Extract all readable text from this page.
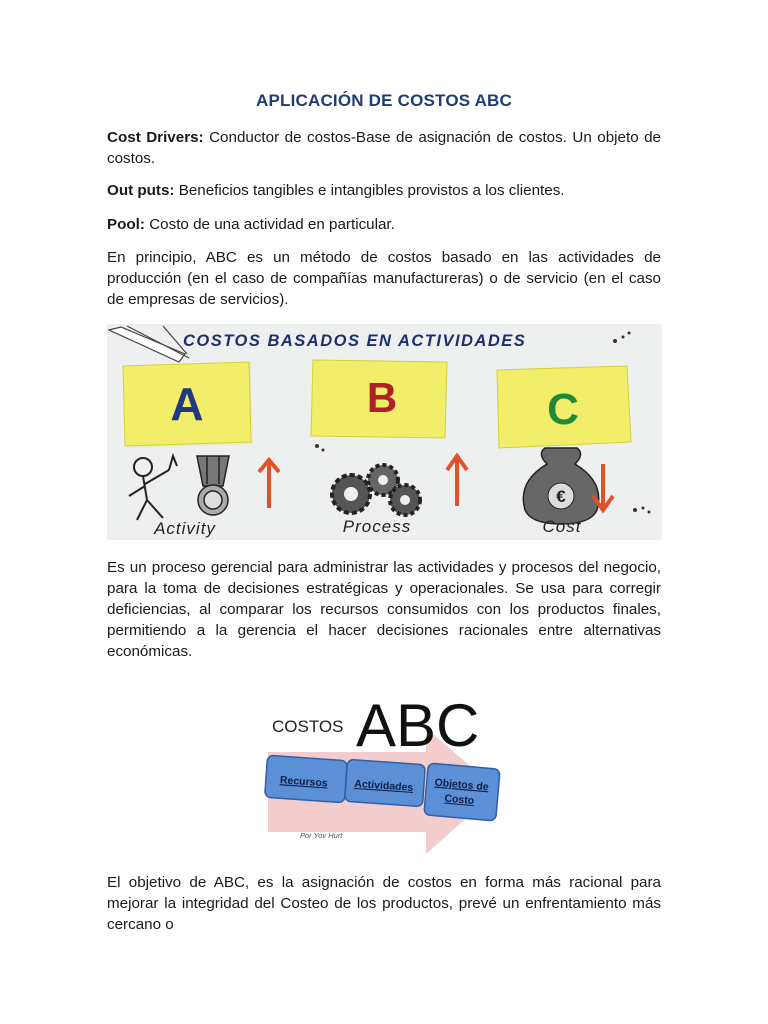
APLICACIÓN DE COSTOS ABC
Cost Drivers: Conductor de costos-Base de asignación de costos. Un objeto de costos.
Out puts: Beneficios tangibles e intangibles provistos a los clientes.
Pool: Costo de una actividad en particular.
En principio, ABC es un método de costos basado en las actividades de producción (en el caso de compañías manufactureras) o de servicio (en el caso de empresas de servicios).
COSTOS BASADOS EN ACTIVIDADES
A	B	C
€
Activity	Process	Cost
Es un proceso gerencial para administrar las actividades y procesos del negocio, para la toma de decisiones estratégicas y operacionales. Se usa para corregir deficiencias, al comparar los recursos consumidos con los productos finales, permitiendo a la gerencia el hacer decisiones racionales entre alternativas económicas.
COSTOS ABC
Recursos Actividades Objetos de
Costo
Por Yov Hurt
El objetivo de ABC, es la asignación de costos en forma más racional para mejorar la integridad del Costeo de los productos, prevé un enfrentamiento más cercano o
